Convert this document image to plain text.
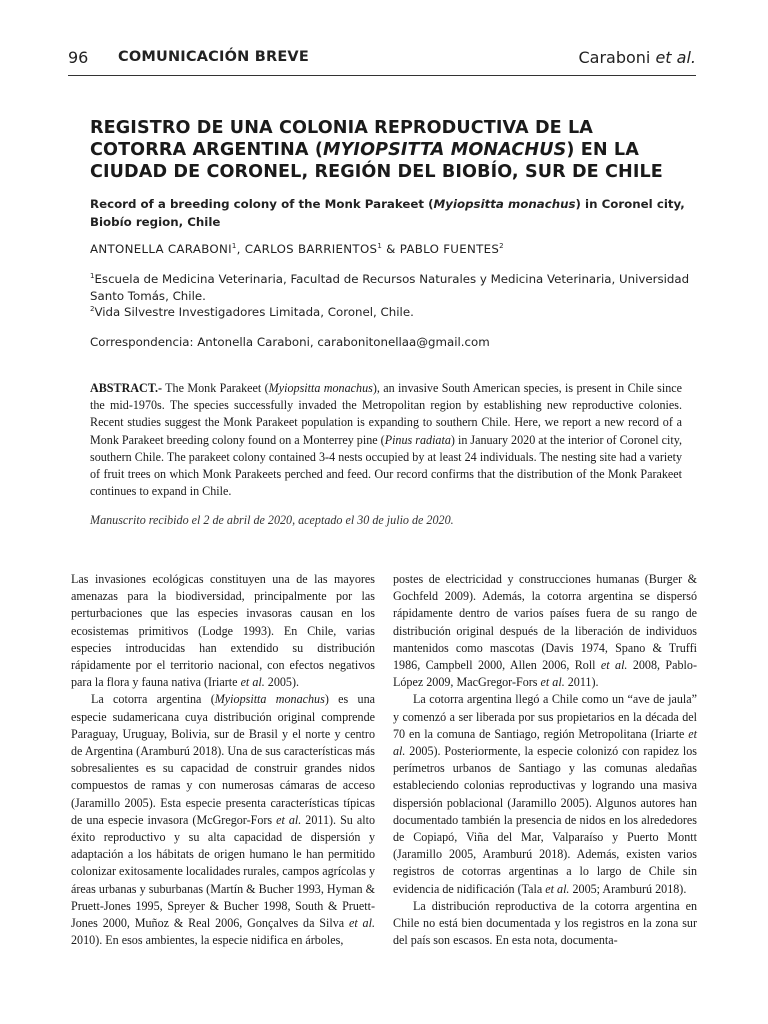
96 COMUNICACIÓN BREVE	Caraboni et al.
REGISTRO DE UNA COLONIA REPRODUCTIVA DE LA COTORRA ARGENTINA (MYIOPSITTA MONACHUS) EN LA CIUDAD DE CORONEL, REGIÓN DEL BIOBÍO, SUR DE CHILE
Record of a breeding colony of the Monk Parakeet (Myiopsitta monachus) in Coronel city, Biobío region, Chile
ANTONELLA CARABONI$^1$, CARLOS BARRIENTOS$^1$ & PABLO FUENTES$^2$

$^1$Escuela de Medicina Veterinaria, Facultad de Recursos Naturales y Medicina Veterinaria, Universidad Santo Tomás, Chile.

$^2$Vida Silvestre Investigadores Limitada, Coronel, Chile.

Correspondencia: Antonella Caraboni, carabonitonellaa@gmail.com

ABSTRACT.- The Monk Parakeet (Myiopsitta monachus), an invasive South American species, is present in Chile since the mid-1970s. The species successfully invaded the Metropolitan region by establishing new reproductive colonies. Recent studies suggest the Monk Parakeet population is expanding to southern Chile. Here, we report a new record of a Monk Parakeet breeding colony found on a Monterrey pine (Pinus radiata) in January 2020 at the interior of Coronel city, southern Chile. The parakeet colony contained 3-4 nests occupied by at least 24 individuals. The nesting site had a variety of fruit trees on which Monk Parakeets perched and feed. Our record confirms that the distribution of the Monk Parakeet continues to expand in Chile.

Manuscrito recibido el 2 de abril de 2020, aceptado el 30 de julio de 2020.

Las invasiones ecológicas constituyen una de las mayores amenazas para la biodiversidad, principalmente por las perturbaciones que las especies invasoras causan en los ecosistemas primitivos (Lodge 1993). En Chile, varias especies introducidas han extendido su distribución rápidamente por el territorio nacional, con efectos negativos para la flora y fauna nativa (Iriarte et al. 2005).

La cotorra argentina (Myiopsitta monachus) es una especie sudamericana cuya distribución original comprende Paraguay, Uruguay, Bolivia, sur de Brasil y el norte y centro de Argentina (Aramburú 2018). Una de sus características más sobresalientes es su capacidad de construir grandes nidos compuestos de ramas y con numerosas cámaras de acceso (Jaramillo 2005). Esta especie presenta características típicas de una especie invasora (McGregor-Fors et al. 2011). Su alto éxito reproductivo y su alta capacidad de dispersión y adaptación a los hábitats de origen humano le han permitido colonizar exitosamente localidades rurales, campos agrícolas y áreas urbanas y suburbanas (Martín & Bucher 1993, Hyman & Pruett-Jones 1995, Spreyer & Bucher 1998, South & Pruett-Jones 2000, Muñoz & Real 2006, Gonçalves da Silva et al. 2010). En esos ambientes, la especie nidifica en árboles,

postes de electricidad y construcciones humanas (Burger & Gochfeld 2009). Además, la cotorra argentina se dispersó rápidamente dentro de varios países fuera de su rango de distribución original después de la liberación de individuos mantenidos como mascotas (Davis 1974, Spano & Truffi 1986, Campbell 2000, Allen 2006, Roll et al. 2008, Pablo-López 2009, MacGregor-Fors et al. 2011).

La cotorra argentina llegó a Chile como un “ave de jaula” y comenzó a ser liberada por sus propietarios en la década del 70 en la comuna de Santiago, región Metropolitana (Iriarte et al. 2005). Posteriormente, la especie colonizó con rapidez los perímetros urbanos de Santiago y las comunas aledañas estableciendo colonias reproductivas y logrando una masiva dispersión poblacional (Jaramillo 2005). Algunos autores han documentado también la presencia de nidos en los alrededores de Copiapó, Viña del Mar, Valparaíso y Puerto Montt (Jaramillo 2005, Aramburú 2018). Además, existen varios registros de cotorras argentinas a lo largo de Chile sin evidencia de nidificación (Tala et al. 2005; Aramburú 2018).

La distribución reproductiva de la cotorra argentina en Chile no está bien documentada y los registros en la zona sur del país son escasos. En esta nota, documenta-
